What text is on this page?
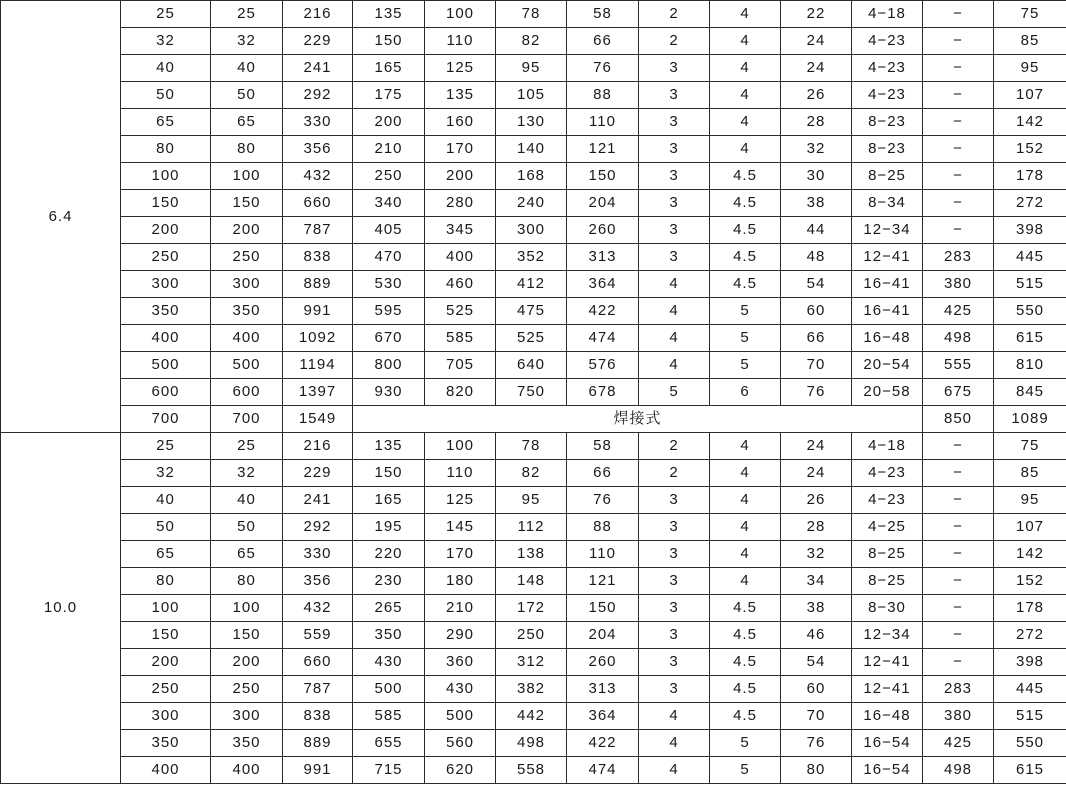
6.4	25	25	216	135	100	78	58	2	4	22	4−18	−	75
	32	32	229	150	110	82	66	2	4	24	4−23	−	85
	40	40	241	165	125	95	76	3	4	24	4−23	−	95
	50	50	292	175	135	105	88	3	4	26	4−23	−	107
	65	65	330	200	160	130	110	3	4	28	8−23	−	142
	80	80	356	210	170	140	121	3	4	32	8−23	−	152
	100	100	432	250	200	168	150	3	4.5	30	8−25	−	178
	150	150	660	340	280	240	204	3	4.5	38	8−34	−	272
	200	200	787	405	345	300	260	3	4.5	44	12−34	−	398
	250	250	838	470	400	352	313	3	4.5	48	12−41	283	445
	300	300	889	530	460	412	364	4	4.5	54	16−41	380	515
	350	350	991	595	525	475	422	4	5	60	16−41	425	550
	400	400	1092	670	585	525	474	4	5	66	16−48	498	615
	500	500	1194	800	705	640	576	4	5	70	20−54	555	810
	600	600	1397	930	820	750	678	5	6	76	20−58	675	845
	700	700	1549	焊接式								850	1089
10.0	25	25	216	135	100	78	58	2	4	24	4−18	−	75
	32	32	229	150	110	82	66	2	4	24	4−23	−	85
	40	40	241	165	125	95	76	3	4	26	4−23	−	95
	50	50	292	195	145	112	88	3	4	28	4−25	−	107
	65	65	330	220	170	138	110	3	4	32	8−25	−	142
	80	80	356	230	180	148	121	3	4	34	8−25	−	152
	100	100	432	265	210	172	150	3	4.5	38	8−30	−	178
	150	150	559	350	290	250	204	3	4.5	46	12−34	−	272
	200	200	660	430	360	312	260	3	4.5	54	12−41	−	398
	250	250	787	500	430	382	313	3	4.5	60	12−41	283	445
	300	300	838	585	500	442	364	4	4.5	70	16−48	380	515
	350	350	889	655	560	498	422	4	5	76	16−54	425	550
	400	400	991	715	620	558	474	4	5	80	16−54	498	615
